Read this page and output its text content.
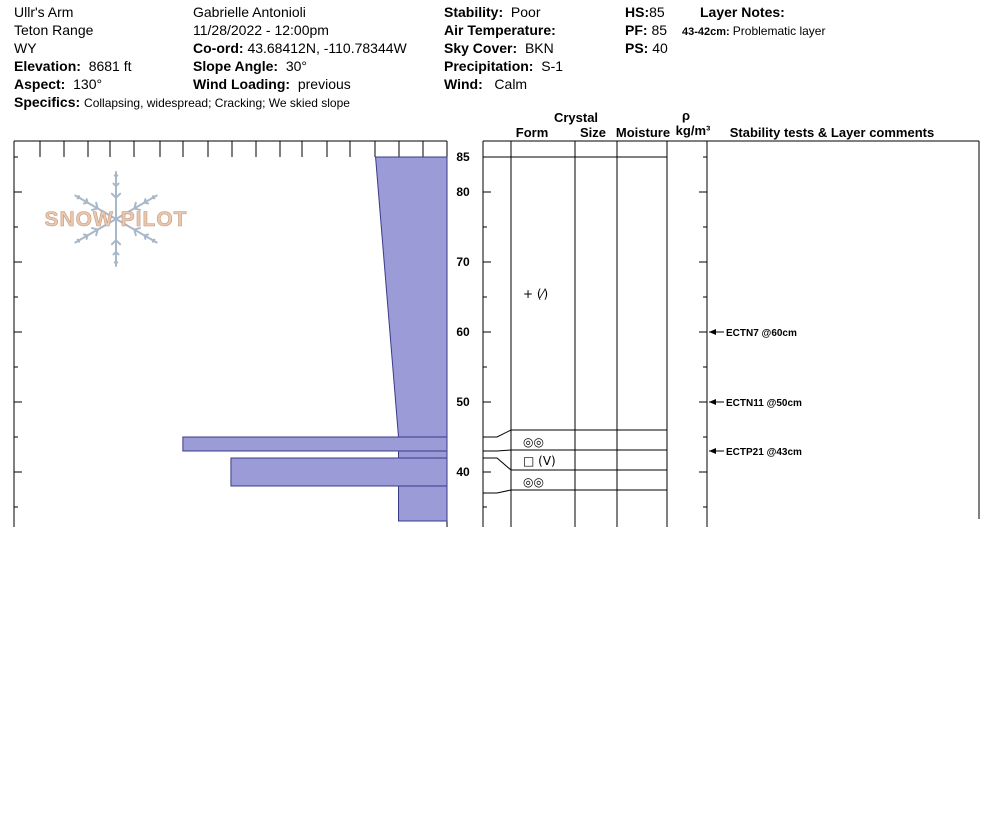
Ullr's Arm
Teton Range
WY
Elevation: 8681 ft
Aspect: 130°
Specifics: Collapsing, widespread; Cracking; We skied slope
Gabrielle Antonioli
11/28/2022 - 12:00pm
Co-ord: 43.68412N, -110.78344W
Slope Angle: 30°
Wind Loading: previous
Stability: Poor
Air Temperature:
Sky Cover: BKN
Precipitation: S-1
Wind: Calm
HS:85
PF: 85
PS: 40
Layer Notes:
43-42cm: Problematic layer
SNOW PILOT
40
50
60
70
80
85
+ (⁄)
◎◎
□ (V)
◎◎
ECTN7 @60cm
ECTN11 @50cm
ECTP21 @43cm
Crystal
Form Size Moisture
ρ
kg/m³ Stability tests & Layer comments
